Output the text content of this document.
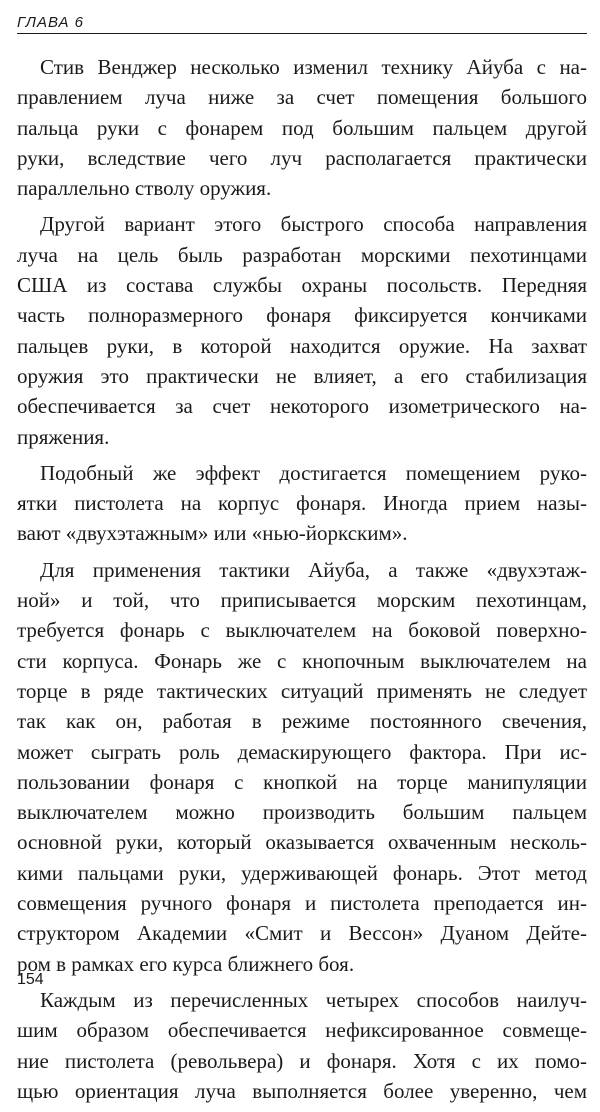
ГЛАВА 6
Стив Венджер несколько изменил технику Айуба с на-
правлением луча ниже за счет помещения большого
пальца руки с фонарем под большим пальцем другой
руки, вследствие чего луч располагается практически
параллельно стволу оружия.
Другой вариант этого быстрого способа направления
луча на цель быль разработан морскими пехотинцами
США из состава службы охраны посольств. Передняя
часть полноразмерного фонаря фиксируется кончиками
пальцев руки, в которой находится оружие. На захват
оружия это практически не влияет, а его стабилизация
обеспечивается за счет некоторого изометрического на-
пряжения.
Подобный же эффект достигается помещением руко-
ятки пистолета на корпус фонаря. Иногда прием назы-
вают «двухэтажным» или «нью-йоркским».
Для применения тактики Айуба, а также «двухэтаж-
ной» и той, что приписывается морским пехотинцам,
требуется фонарь с выключателем на боковой поверхно-
сти корпуса. Фонарь же с кнопочным выключателем на
торце в ряде тактических ситуаций применять не следует
так как он, работая в режиме постоянного свечения,
может сыграть роль демаскирующего фактора. При ис-
пользовании фонаря с кнопкой на торце манипуляции
выключателем можно производить большим пальцем
основной руки, который оказывается охваченным несколь-
кими пальцами руки, удерживающей фонарь. Этот метод
совмещения ручного фонаря и пистолета преподается ин-
структором Академии «Смит и Вессон» Дуаном Дейте-
ром в рамках его курса ближнего боя.
Каждым из перечисленных четырех способов наилуч-
шим образом обеспечивается нефиксированное совмеще-
ние пистолета (револьвера) и фонаря. Хотя с их помо-
щью ориентация луча выполняется более уверенно, чем
154
